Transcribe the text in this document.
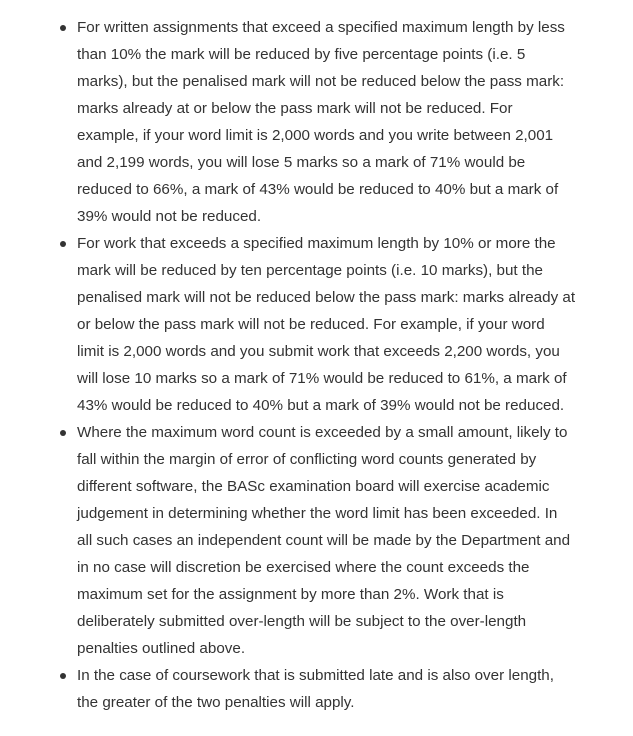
For written assignments that exceed a specified maximum length by less
than 10% the mark will be reduced by five percentage points (i.e. 5
marks), but the penalised mark will not be reduced below the pass mark:
marks already at or below the pass mark will not be reduced. For
example, if your word limit is 2,000 words and you write between 2,001
and 2,199 words, you will lose 5 marks so a mark of 71% would be
reduced to 66%, a mark of 43% would be reduced to 40% but a mark of
39% would not be reduced.
For work that exceeds a specified maximum length by 10% or more the
mark will be reduced by ten percentage points (i.e. 10 marks), but the
penalised mark will not be reduced below the pass mark: marks already at
or below the pass mark will not be reduced. For example, if your word
limit is 2,000 words and you submit work that exceeds 2,200 words, you
will lose 10 marks so a mark of 71% would be reduced to 61%, a mark of
43% would be reduced to 40% but a mark of 39% would not be reduced.
Where the maximum word count is exceeded by a small amount, likely to
fall within the margin of error of conflicting word counts generated by
different software, the BASc examination board will exercise academic
judgement in determining whether the word limit has been exceeded. In
all such cases an independent count will be made by the Department and
in no case will discretion be exercised where the count exceeds the
maximum set for the assignment by more than 2%. Work that is
deliberately submitted over-length will be subject to the over-length
penalties outlined above.
In the case of coursework that is submitted late and is also over length,
the greater of the two penalties will apply.
